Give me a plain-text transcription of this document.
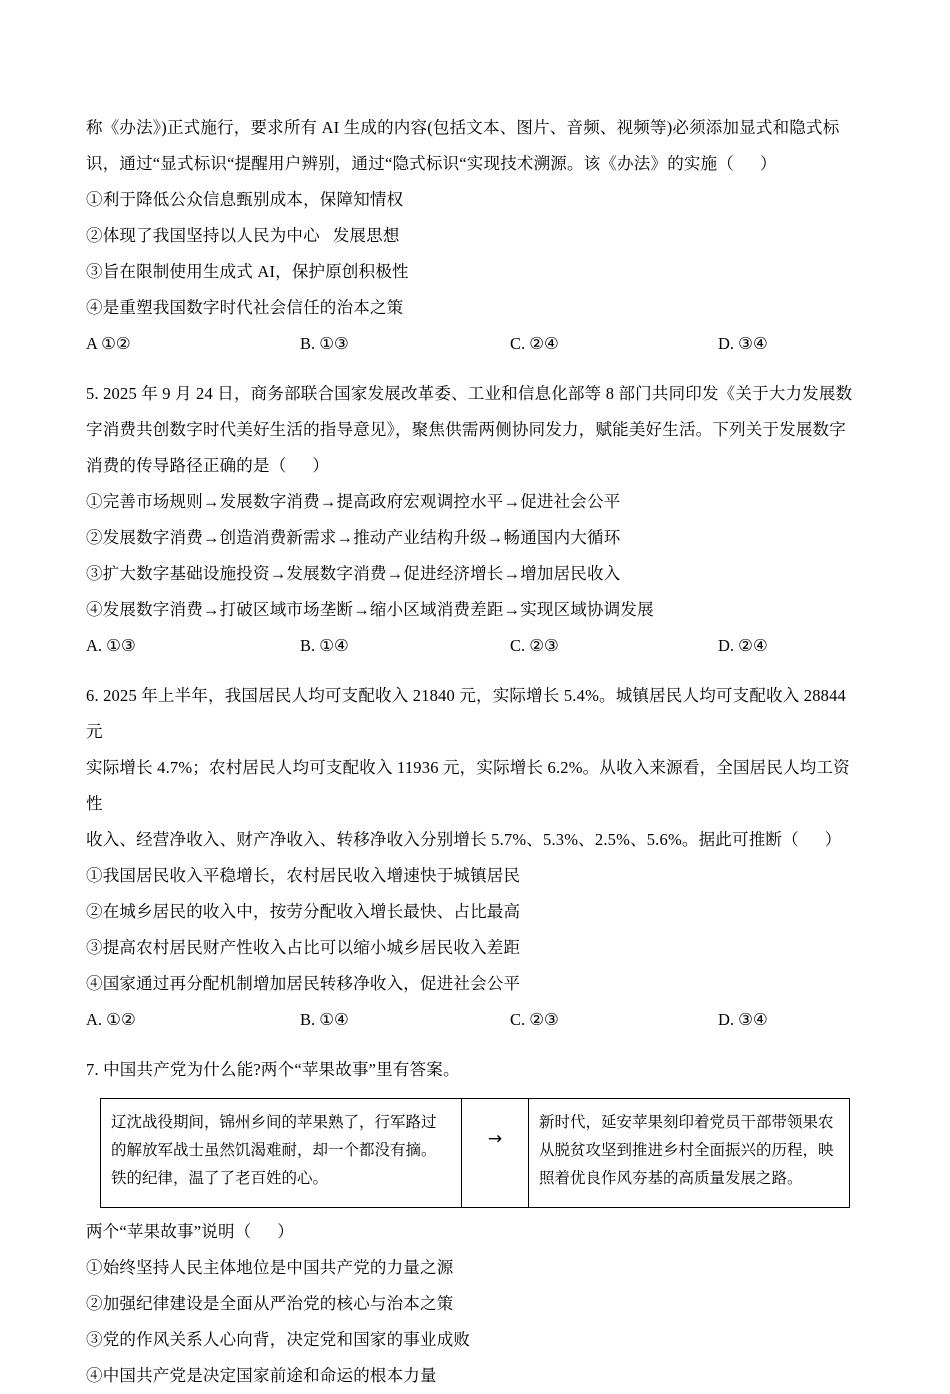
称《办法》)正式施行，要求所有 AI 生成的内容(包括文本、图片、音频、视频等)必须添加显式和隐式标
识，通过“显式标识“提醒用户辨别，通过“隐式标识“实现技术溯源。该《办法》的实施（      ）
①利于降低公众信息甄别成本，保障知情权
②体现了我国坚持以人民为中心   发展思想
③旨在限制使用生成式 AI，保护原创积极性
④是重塑我国数字时代社会信任的治本之策
A ①②	B. ①③	C. ②④	D. ③④
5. 2025 年 9 月 24 日，商务部联合国家发展改革委、工业和信息化部等 8 部门共同印发《关于大力发展数
字消费共创数字时代美好生活的指导意见》，聚焦供需两侧协同发力，赋能美好生活。下列关于发展数字
消费的传导路径正确的是（      ）
①完善市场规则→发展数字消费→提高政府宏观调控水平→促进社会公平
②发展数字消费→创造消费新需求→推动产业结构升级→畅通国内大循环
③扩大数字基础设施投资→发展数字消费→促进经济增长→增加居民收入
④发展数字消费→打破区域市场垄断→缩小区域消费差距→实现区域协调发展
A. ①③	B. ①④	C. ②③	D. ②④
6. 2025 年上半年，我国居民人均可支配收入 21840 元，实际增长 5.4%。城镇居民人均可支配收入 28844 元
实际增长 4.7%；农村居民人均可支配收入 11936 元，实际增长 6.2%。从收入来源看，全国居民人均工资性
收入、经营净收入、财产净收入、转移净收入分别增长 5.7%、5.3%、2.5%、5.6%。据此可推断（      ）
①我国居民收入平稳增长，农村居民收入增速快于城镇居民
②在城乡居民的收入中，按劳分配收入增长最快、占比最高
③提高农村居民财产性收入占比可以缩小城乡居民收入差距
④国家通过再分配机制增加居民转移净收入，促进社会公平
A. ①②	B. ①④	C. ②③	D. ③④
7. 中国共产党为什么能?两个“苹果故事”里有答案。
辽沈战役期间，锦州乡间的苹果熟了，行军路过的解放军战士虽然饥渴难耐，却一个都没有摘。铁的纪律，温了了老百姓的心。	→	新时代，延安苹果刻印着党员干部带领果农从脱贫攻坚到推进乡村全面振兴的历程，映照着优良作风夯基的高质量发展之路。
两个“苹果故事”说明（      ）
①始终坚持人民主体地位是中国共产党的力量之源
②加强纪律建设是全面从严治党的核心与治本之策
③党的作风关系人心向背，决定党和国家的事业成败
④中国共产党是决定国家前途和命运的根本力量
